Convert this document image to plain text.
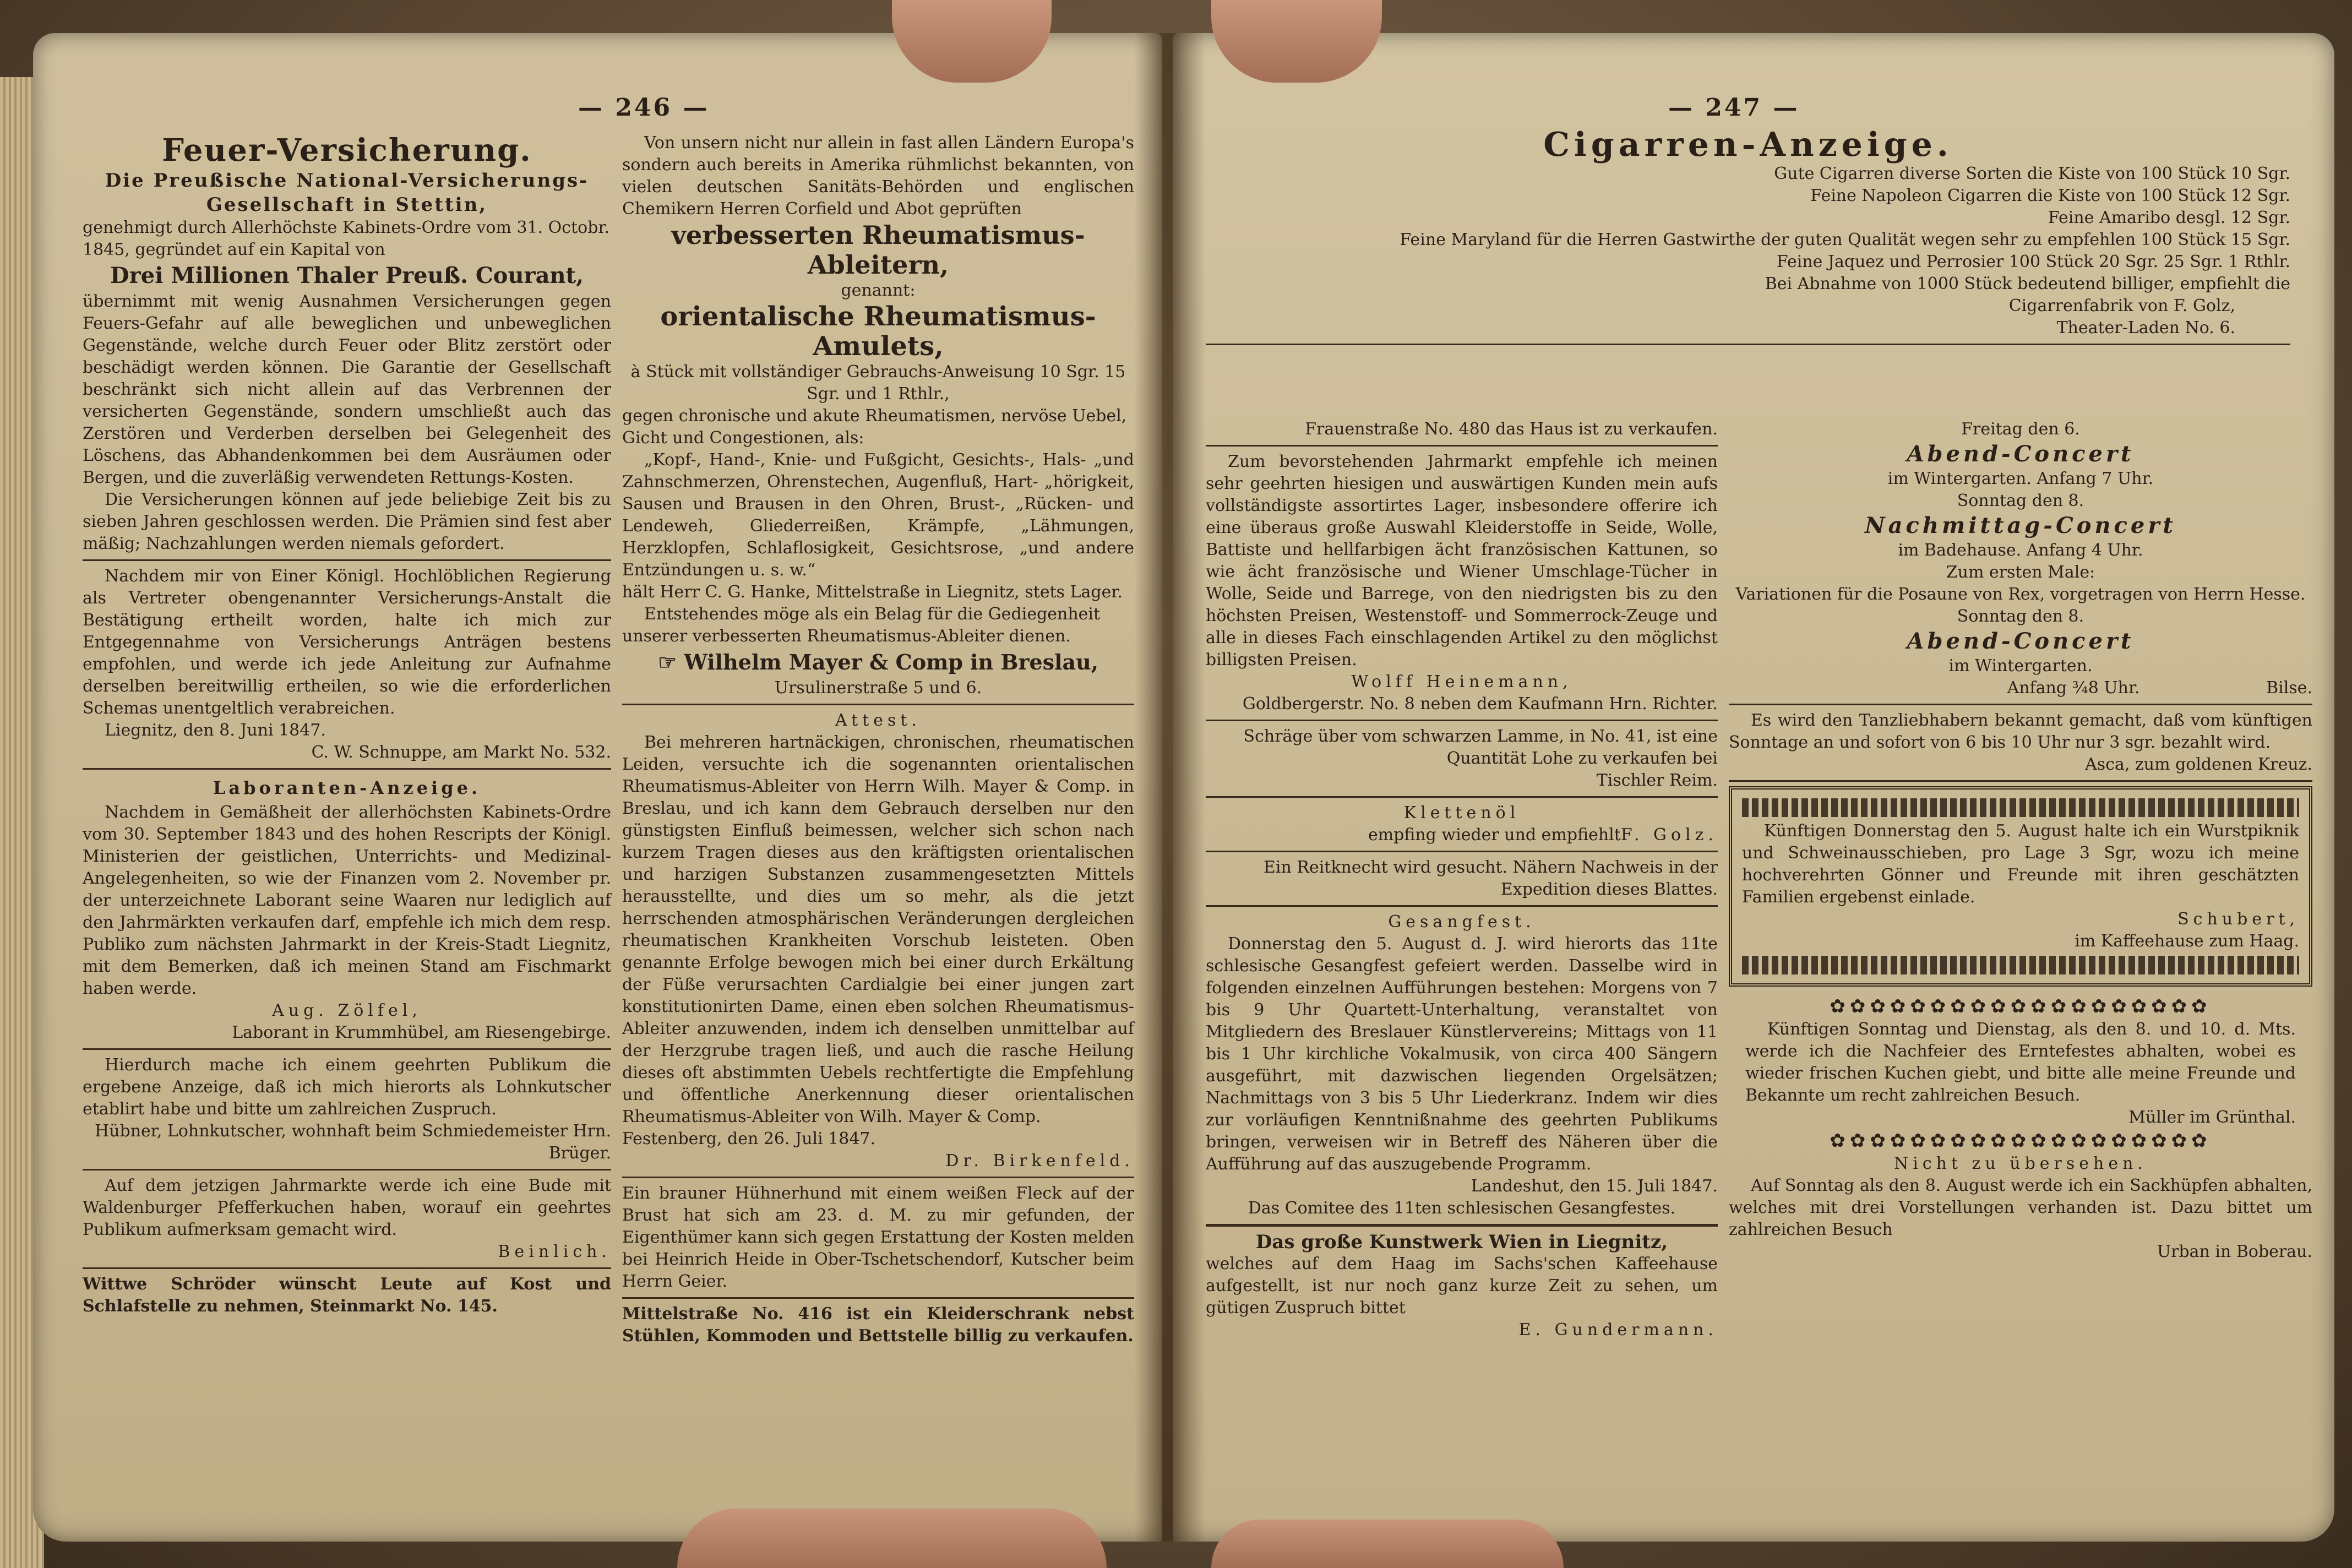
— 246 —
Feuer-Versicherung.
Die Preußische National-Versicherungs-Gesellschaft in Stettin,

genehmigt durch Allerhöchste Kabinets-Ordre vom 31. Octobr. 1845, gegründet auf ein Kapital von

Drei Millionen Thaler Preuß. Courant,

übernimmt mit wenig Ausnahmen Versicherungen gegen Feuers-Gefahr auf alle beweglichen und unbeweglichen Gegenstände, welche durch Feuer oder Blitz zerstört oder beschädigt werden können. Die Garantie der Gesellschaft beschränkt sich nicht allein auf das Verbrennen der versicherten Gegenstände, sondern umschließt auch das Zerstören und Verderben derselben bei Gelegenheit des Löschens, das Abhandenkommen bei dem Ausräumen oder Bergen, und die zuverläßig verwendeten Rettungs-Kosten.

Die Versicherungen können auf jede beliebige Zeit bis zu sieben Jahren geschlossen werden. Die Prämien sind fest aber mäßig; Nachzahlungen werden niemals gefordert.

Nachdem mir von Einer Königl. Hochlöblichen Regierung als Vertreter obengenannter Versicherungs-Anstalt die Bestätigung ertheilt worden, halte ich mich zur Entgegennahme von Versicherungs Anträgen bestens empfohlen, und werde ich jede Anleitung zur Aufnahme derselben bereitwillig ertheilen, so wie die erforderlichen Schemas unentgeltlich verabreichen.

Liegnitz, den 8. Juni 1847.

C. W. Schnuppe, am Markt No. 532.

Laboranten-Anzeige.

Nachdem in Gemäßheit der allerhöchsten Kabinets-Ordre vom 30. September 1843 und des hohen Rescripts der Königl. Ministerien der geistlichen, Unterrichts- und Medizinal-Angelegenheiten, so wie der Finanzen vom 2. November pr. der unterzeichnete Laborant seine Waaren nur lediglich auf den Jahrmärkten verkaufen darf, empfehle ich mich dem resp. Publiko zum nächsten Jahrmarkt in der Kreis-Stadt Liegnitz, mit dem Bemerken, daß ich meinen Stand am Fischmarkt haben werde.

Aug. Zölfel,

Laborant in Krummhübel, am Riesengebirge.

Hierdurch mache ich einem geehrten Publikum die ergebene Anzeige, daß ich mich hierorts als Lohnkutscher etablirt habe und bitte um zahlreichen Zuspruch.

Hübner, Lohnkutscher, wohnhaft beim Schmiedemeister Hrn. Brüger.

Auf dem jetzigen Jahrmarkte werde ich eine Bude mit Waldenburger Pfefferkuchen haben, worauf ein geehrtes Publikum aufmerksam gemacht wird.

Beinlich.

Wittwe Schröder wünscht Leute auf Kost und Schlafstelle zu nehmen, Steinmarkt No. 145.

Von unsern nicht nur allein in fast allen Ländern Europa's sondern auch bereits in Amerika rühmlichst bekannten, von vielen deutschen Sanitäts-Behörden und englischen Chemikern Herren Corfield und Abot geprüften

verbesserten Rheumatismus-Ableitern,

genannt:

orientalische Rheumatismus-Amulets,

à Stück mit vollständiger Gebrauchs-Anweisung 10 Sgr. 15 Sgr. und 1 Rthlr.,

gegen chronische und akute Rheumatismen, nervöse Uebel, Gicht und Congestionen, als:

„Kopf-, Hand-, Knie- und Fußgicht, Gesichts-, Hals- „und Zahnschmerzen, Ohrenstechen, Augenfluß, Hart- „hörigkeit, Sausen und Brausen in den Ohren, Brust-, „Rücken- und Lendeweh, Gliederreißen, Krämpfe, „Lähmungen, Herzklopfen, Schlaflosigkeit, Gesichtsrose, „und andere Entzündungen u. s. w.“

hält Herr C. G. Hanke, Mittelstraße in Liegnitz, stets Lager.

Entstehendes möge als ein Belag für die Gediegenheit unserer verbesserten Rheumatismus-Ableiter dienen.

☞ Wilhelm Mayer & Comp in Breslau,

Ursulinerstraße 5 und 6.

Attest.

Bei mehreren hartnäckigen, chronischen, rheumatischen Leiden, versuchte ich die sogenannten orientalischen Rheumatismus-Ableiter von Herrn Wilh. Mayer & Comp. in Breslau, und ich kann dem Gebrauch derselben nur den günstigsten Einfluß beimessen, welcher sich schon nach kurzem Tragen dieses aus den kräftigsten orientalischen und harzigen Substanzen zusammengesetzten Mittels herausstellte, und dies um so mehr, als die jetzt herrschenden atmosphärischen Veränderungen dergleichen rheumatischen Krankheiten Vorschub leisteten. Oben genannte Erfolge bewogen mich bei einer durch Erkältung der Füße verursachten Cardialgie bei einer jungen zart konstitutionirten Dame, einen eben solchen Rheumatismus-Ableiter anzuwenden, indem ich denselben unmittelbar auf der Herzgrube tragen ließ, und auch die rasche Heilung dieses oft abstimmten Uebels rechtfertigte die Empfehlung und öffentliche Anerkennung dieser orientalischen Rheumatismus-Ableiter von Wilh. Mayer & Comp.

Festenberg, den 26. Juli 1847.

Dr. Birkenfeld.

Ein brauner Hühnerhund mit einem weißen Fleck auf der Brust hat sich am 23. d. M. zu mir gefunden, der Eigenthümer kann sich gegen Erstattung der Kosten melden bei Heinrich Heide in Ober-Tschetschendorf, Kutscher beim Herrn Geier.

Mittelstraße No. 416 ist ein Kleiderschrank nebst Stühlen, Kommoden und Bettstelle billig zu verkaufen.

— 247 —
Cigarren-Anzeige.

Gute Cigarren diverse Sorten die Kiste von 100 Stück 10 Sgr.

Feine Napoleon Cigarren die Kiste von 100 Stück 12 Sgr.

Feine Amaribo desgl. 12 Sgr.

Feine Maryland für die Herren Gastwirthe der guten Qualität wegen sehr zu empfehlen 100 Stück 15 Sgr.

Feine Jaquez und Perrosier 100 Stück 20 Sgr. 25 Sgr. 1 Rthlr.

Bei Abnahme von 1000 Stück bedeutend billiger, empfiehlt die

Cigarrenfabrik von F. Golz,

Theater-Laden No. 6.

Frauenstraße No. 480 das Haus ist zu verkaufen.

Zum bevorstehenden Jahrmarkt empfehle ich meinen sehr geehrten hiesigen und auswärtigen Kunden mein aufs vollständigste assortirtes Lager, insbesondere offerire ich eine überaus große Auswahl Kleiderstoffe in Seide, Wolle, Battiste und hellfarbigen ächt französischen Kattunen, so wie ächt französische und Wiener Umschlage-Tücher in Wolle, Seide und Barrege, von den niedrigsten bis zu den höchsten Preisen, Westenstoff- und Sommerrock-Zeuge und alle in dieses Fach einschlagenden Artikel zu den möglichst billigsten Preisen.

Wolff Heinemann,

Goldbergerstr. No. 8 neben dem Kaufmann Hrn. Richter.

Schräge über vom schwarzen Lamme, in No. 41, ist eine Quantität Lohe zu verkaufen bei

Tischler Reim.

Klettenöl

empfing wieder und empfiehlt F. Golz.

Ein Reitknecht wird gesucht. Nähern Nachweis in der Expedition dieses Blattes.

Gesangfest.

Donnerstag den 5. August d. J. wird hierorts das 11te schlesische Gesangfest gefeiert werden. Dasselbe wird in folgenden einzelnen Aufführungen bestehen: Morgens von 7 bis 9 Uhr Quartett-Unterhaltung, veranstaltet von Mitgliedern des Breslauer Künstlervereins; Mittags von 11 bis 1 Uhr kirchliche Vokalmusik, von circa 400 Sängern ausgeführt, mit dazwischen liegenden Orgelsätzen; Nachmittags von 3 bis 5 Uhr Liederkranz. Indem wir dies zur vorläufigen Kenntnißnahme des geehrten Publikums bringen, verweisen wir in Betreff des Näheren über die Aufführung auf das auszugebende Programm.

Landeshut, den 15. Juli 1847.

Das Comitee des 11ten schlesischen Gesangfestes.

Das große Kunstwerk Wien in Liegnitz,

welches auf dem Haag im Sachs'schen Kaffeehause aufgestellt, ist nur noch ganz kurze Zeit zu sehen, um gütigen Zuspruch bittet

E. Gundermann.

Freitag den 6.

Abend-Concert

im Wintergarten. Anfang 7 Uhr.

Sonntag den 8.

Nachmittag-Concert

im Badehause. Anfang 4 Uhr.

Zum ersten Male:

Variationen für die Posaune von Rex, vorgetragen von Herrn Hesse.

Sonntag den 8.

Abend-Concert

im Wintergarten.

Anfang ¾8 Uhr.	Bilse.

Es wird den Tanzliebhabern bekannt gemacht, daß vom künftigen Sonntage an und sofort von 6 bis 10 Uhr nur 3 sgr. bezahlt wird.

Asca, zum goldenen Kreuz.

Künftigen Donnerstag den 5. August halte ich ein Wurstpiknik und Schweinausschieben, pro Lage 3 Sgr, wozu ich meine hochverehrten Gönner und Freunde mit ihren geschätzten Familien ergebenst einlade.

Schubert,

im Kaffeehause zum Haag.

✿✿✿✿✿✿✿✿✿✿✿✿✿✿✿✿✿✿✿

Künftigen Sonntag und Dienstag, als den 8. und 10. d. Mts. werde ich die Nachfeier des Erntefestes abhalten, wobei es wieder frischen Kuchen giebt, und bitte alle meine Freunde und Bekannte um recht zahlreichen Besuch.

Müller im Grünthal.

✿✿✿✿✿✿✿✿✿✿✿✿✿✿✿✿✿✿✿

Nicht zu übersehen.

Auf Sonntag als den 8. August werde ich ein Sackhüpfen abhalten, welches mit drei Vorstellungen verhanden ist. Dazu bittet um zahlreichen Besuch

Urban in Boberau.
